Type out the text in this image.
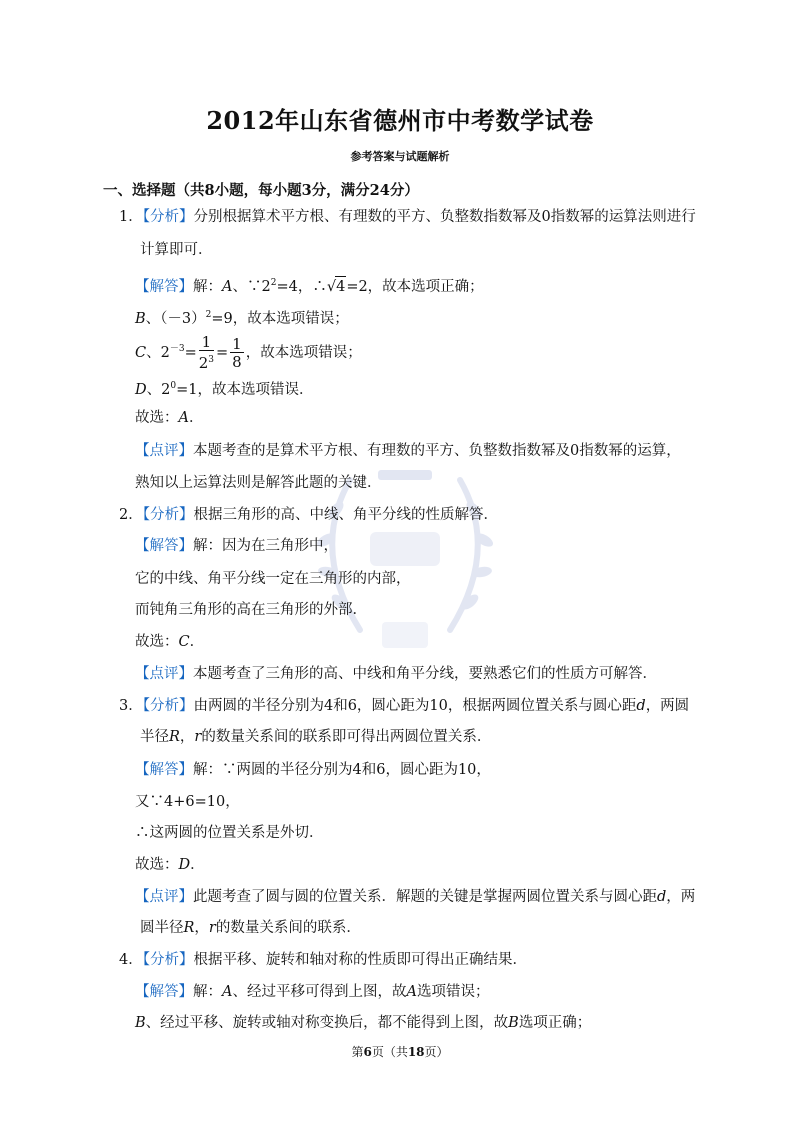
2012年山东省德州市中考数学试卷
参考答案与试题解析
一、选择题（共8小题，每小题3分，满分24分）
1．【分析】分别根据算术平方根、有理数的平方、负整数指数幂及0指数幂的运算法则进行
计算即可．
【解答】解：A、$\because 2^2=4$，∴√4=2，故本选项正确；
B、$(-3)^2=9$，故本选项错误；
C、$2^{-3}= \frac{1}{2^3} = \frac{1}{8}$ ，故本选项错误；
D、$2^0=1$，故本选项错误．
故选：A．
【点评】本题考查的是算术平方根、有理数的平方、负整数指数幂及0指数幂的运算，
熟知以上运算法则是解答此题的关键．
2．【分析】根据三角形的高、中线、角平分线的性质解答．
【解答】解：因为在三角形中，
它的中线、角平分线一定在三角形的内部，
而钝角三角形的高在三角形的外部．
故选：C．
【点评】本题考查了三角形的高、中线和角平分线，要熟悉它们的性质方可解答．
3．【分析】由两圆的半径分别为4和6，圆心距为10，根据两圆位置关系与圆心距d，两圆
半径R，r的数量关系间的联系即可得出两圆位置关系．
【解答】解：∵两圆的半径分别为4和6，圆心距为10，
又∵4+6=10，
∴这两圆的位置关系是外切．
故选：D．
【点评】此题考查了圆与圆的位置关系．解题的关键是掌握两圆位置关系与圆心距d，两
圆半径R，r的数量关系间的联系．
4．【分析】根据平移、旋转和轴对称的性质即可得出正确结果．
【解答】解：A、经过平移可得到上图，故A选项错误；
B、经过平移、旋转或轴对称变换后，都不能得到上图，故B选项正确；
第6页（共18页）
